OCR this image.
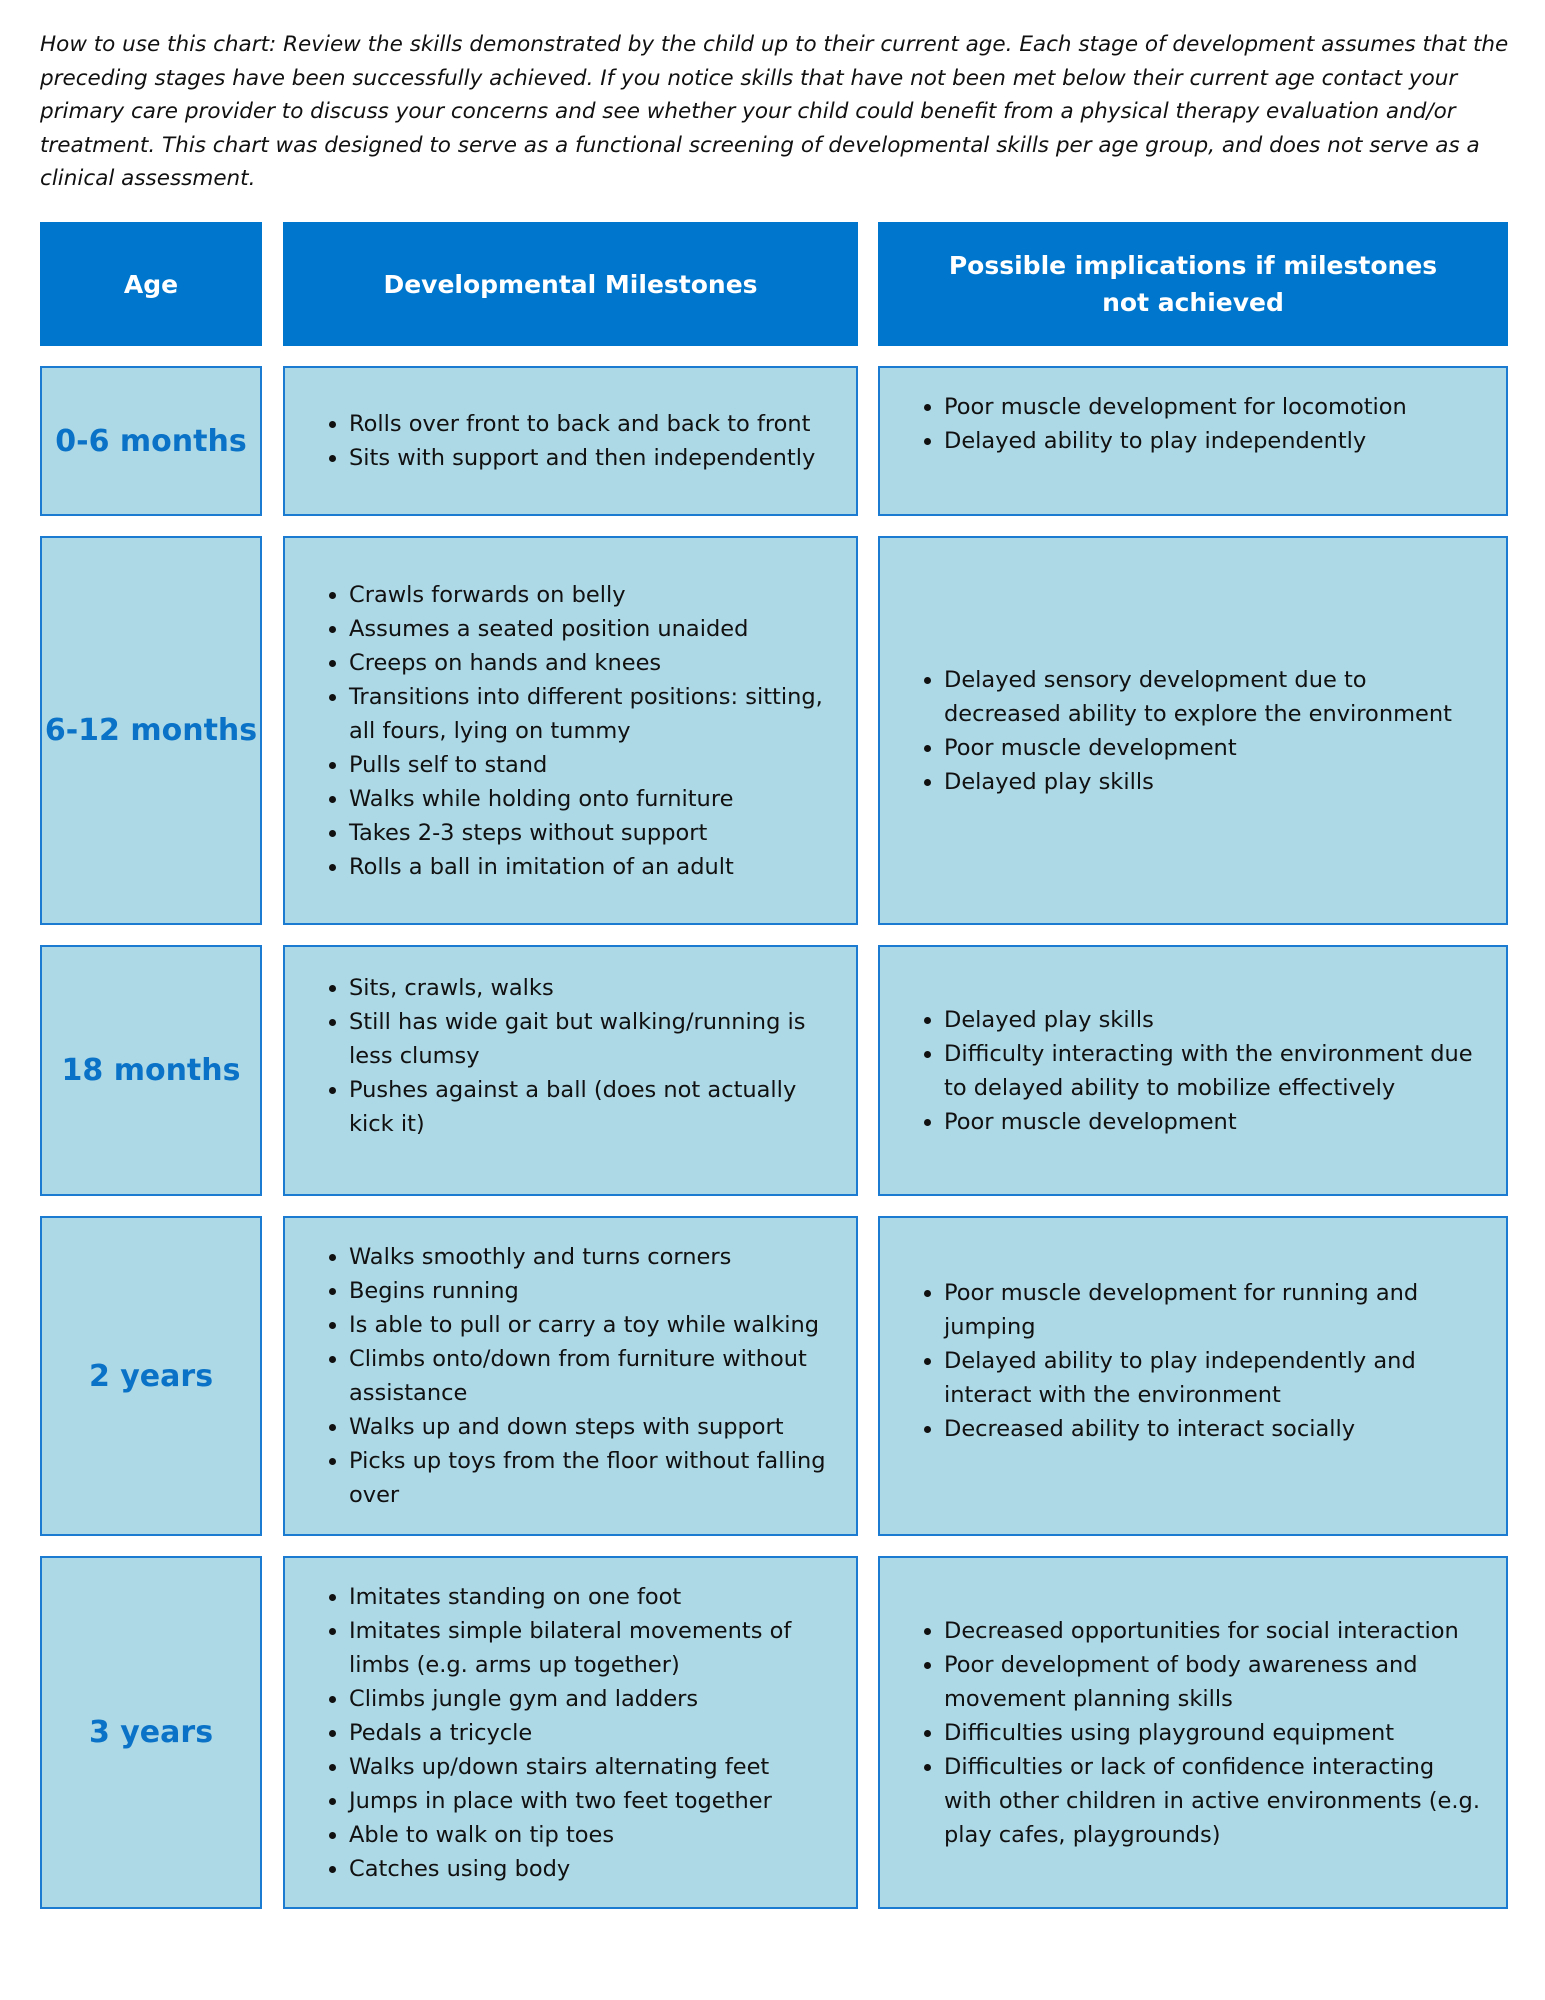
How to use this chart: Review the skills demonstrated by the child up to their current age. Each stage of development assumes that the preceding stages have been successfully achieved. If you notice skills that have not been met below their current age contact your primary care provider to discuss your concerns and see whether your child could benefit from a physical therapy evaluation and/or treatment. This chart was designed to serve as a functional screening of developmental skills per age group, and does not serve as a clinical assessment.

Age	Developmental Milestones
Possible implications if milestones not achieved
0-6 months
•	Rolls over front to back and back to front
• Sits with support and then independently
• Poor muscle development for locomotion
• Delayed ability to play independently
6-12 months
• Crawls forwards on belly
• Assumes a seated position unaided
• Creeps on hands and knees
• Transitions into different positions: sitting, all fours, lying on tummy
• Pulls self to stand
• Walks while holding onto furniture
• Takes 2-3 steps without support
• Rolls a ball in imitation of an adult
• Delayed sensory development due to decreased ability to explore the environment
• Poor muscle development
• Delayed play skills
18 months
• Sits, crawls, walks
• Still has wide gait but walking/running is less clumsy
• Pushes against a ball (does not actually kick it)
• Delayed play skills
• Difficulty interacting with the environment due to delayed ability to mobilize effectively
• Poor muscle development
2 years
• Walks smoothly and turns corners
• Begins running
• Is able to pull or carry a toy while walking
• Climbs onto/down from furniture without assistance
• Walks up and down steps with support
• Picks up toys from the floor without falling over
• Poor muscle development for running and jumping
• Delayed ability to play independently and interact with the environment
• Decreased ability to interact socially
3 years
• Imitates standing on one foot
• Imitates simple bilateral movements of limbs (e.g. arms up together)
• Climbs jungle gym and ladders
• Pedals a tricycle
• Walks up/down stairs alternating feet
• Jumps in place with two feet together
• Able to walk on tip toes
• Catches using body
• Decreased opportunities for social interaction
• Poor development of body awareness and movement planning skills
• Difficulties using playground equipment
• Difficulties or lack of confidence interacting with other children in active environments (e.g. play cafes, playgrounds)
